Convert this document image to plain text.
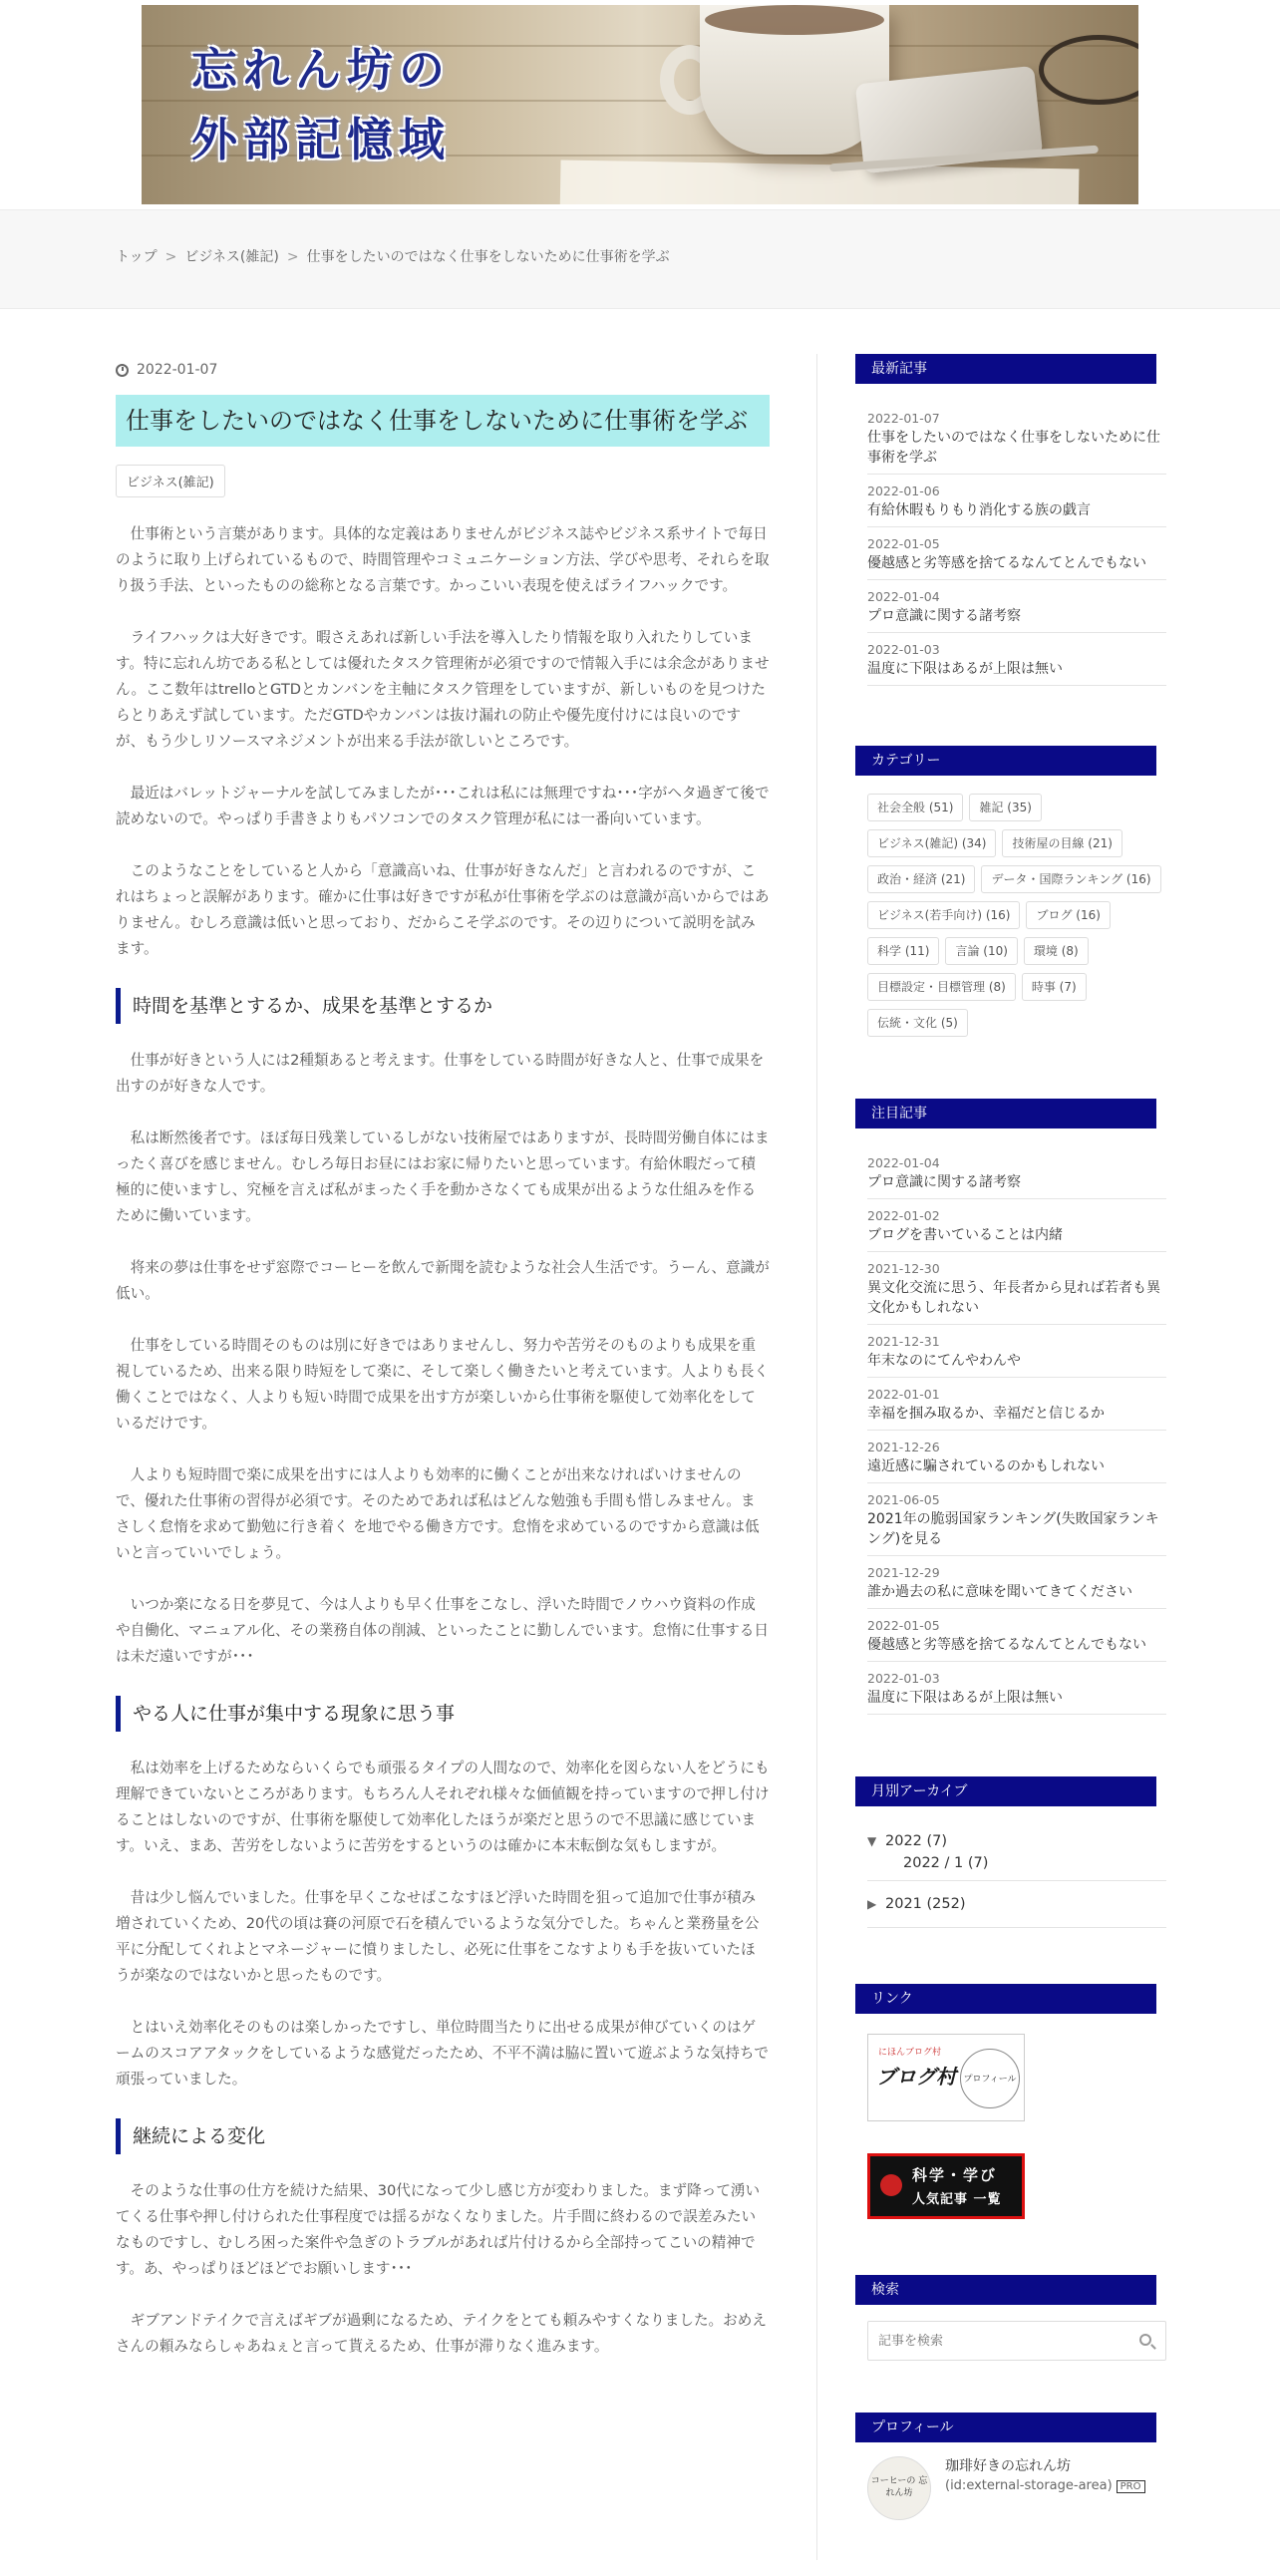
忘れん坊の
外部記憶域
トップ > ビジネス(雑記) > 仕事をしたいのではなく仕事をしないために仕事術を学ぶ
2022-01-07
仕事をしたいのではなく仕事をしないために仕事術を学ぶ
ビジネス(雑記)

仕事術という言葉があります。具体的な定義はありませんがビジネス誌やビジネス系サイトで毎日のように取り上げられているもので、時間管理やコミュニケーション方法、学びや思考、それらを取り扱う手法、といったものの総称となる言葉です。かっこいい表現を使えばライフハックです。

ライフハックは大好きです。暇さえあれば新しい手法を導入したり情報を取り入れたりしています。特に忘れん坊である私としては優れたタスク管理術が必須ですので情報入手には余念がありません。ここ数年はtrelloとGTDとカンバンを主軸にタスク管理をしていますが、新しいものを見つけたらとりあえず試しています。ただGTDやカンバンは抜け漏れの防止や優先度付けには良いのですが、もう少しリソースマネジメントが出来る手法が欲しいところです。

最近はバレットジャーナルを試してみましたが･･･これは私には無理ですね･･･字がヘタ過ぎて後で読めないので。やっぱり手書きよりもパソコンでのタスク管理が私には一番向いています。

このようなことをしていると人から「意識高いね、仕事が好きなんだ」と言われるのですが、これはちょっと誤解があります。確かに仕事は好きですが私が仕事術を学ぶのは意識が高いからではありません。むしろ意識は低いと思っており、だからこそ学ぶのです。その辺りについて説明を試みます。

時間を基準とするか、成果を基準とするか

仕事が好きという人には2種類あると考えます。仕事をしている時間が好きな人と、仕事で成果を出すのが好きな人です。

私は断然後者です。ほぼ毎日残業しているしがない技術屋ではありますが、長時間労働自体にはまったく喜びを感じません。むしろ毎日お昼にはお家に帰りたいと思っています。有給休暇だって積極的に使いますし、究極を言えば私がまったく手を動かさなくても成果が出るような仕組みを作るために働いています。

将来の夢は仕事をせず窓際でコーヒーを飲んで新聞を読むような社会人生活です。うーん、意識が低い。

仕事をしている時間そのものは別に好きではありませんし、努力や苦労そのものよりも成果を重視しているため、出来る限り時短をして楽に、そして楽しく働きたいと考えています。人よりも長く働くことではなく、人よりも短い時間で成果を出す方が楽しいから仕事術を駆使して効率化をしているだけです。

人よりも短時間で楽に成果を出すには人よりも効率的に働くことが出来なければいけませんので、優れた仕事術の習得が必須です。そのためであれば私はどんな勉強も手間も惜しみません。まさしく怠惰を求めて勤勉に行き着く を地でやる働き方です。怠惰を求めているのですから意識は低いと言っていいでしょう。

いつか楽になる日を夢見て、今は人よりも早く仕事をこなし、浮いた時間でノウハウ資料の作成や自働化、マニュアル化、その業務自体の削減、といったことに勤しんでいます。怠惰に仕事する日は未だ遠いですが･･･

やる人に仕事が集中する現象に思う事

私は効率を上げるためならいくらでも頑張るタイプの人間なので、効率化を図らない人をどうにも理解できていないところがあります。もちろん人それぞれ様々な価値観を持っていますので押し付けることはしないのですが、仕事術を駆使して効率化したほうが楽だと思うので不思議に感じています。いえ、まあ、苦労をしないように苦労をするというのは確かに本末転倒な気もしますが。

昔は少し悩んでいました。仕事を早くこなせばこなすほど浮いた時間を狙って追加で仕事が積み増されていくため、20代の頃は賽の河原で石を積んでいるような気分でした。ちゃんと業務量を公平に分配してくれよとマネージャーに憤りましたし、必死に仕事をこなすよりも手を抜いていたほうが楽なのではないかと思ったものです。

とはいえ効率化そのものは楽しかったですし、単位時間当たりに出せる成果が伸びていくのはゲームのスコアアタックをしているような感覚だったため、不平不満は脇に置いて遊ぶような気持ちで頑張っていました。

継続による変化

そのような仕事の仕方を続けた結果、30代になって少し感じ方が変わりました。まず降って湧いてくる仕事や押し付けられた仕事程度では揺るがなくなりました。片手間に終わるので誤差みたいなものですし、むしろ困った案件や急ぎのトラブルがあれば片付けるから全部持ってこいの精神です。あ、やっぱりほどほどでお願いします･･･

ギブアンドテイクで言えばギブが過剰になるため、テイクをとても頼みやすくなりました。おめえさんの頼みならしゃあねぇと言って貰えるため、仕事が滞りなく進みます。

最新記事
2022-01-07
仕事をしたいのではなく仕事をしないために仕事術を学ぶ
2022-01-06
有給休暇もりもり消化する族の戯言
2022-01-05
優越感と劣等感を捨てるなんてとんでもない
2022-01-04
プロ意識に関する諸考察
2022-01-03
温度に下限はあるが上限は無い
カテゴリー
社会全般 (51)	雑記 (35)
ビジネス(雑記) (34)	技術屋の目線 (21)
政治・経済 (21)	データ・国際ランキング (16)
ビジネス(若手向け) (16)	ブログ (16)
科学 (11)	言論 (10)	環境 (8)
目標設定・目標管理 (8)	時事 (7)
伝統・文化 (5)
注目記事
2022-01-04
プロ意識に関する諸考察
2022-01-02
ブログを書いていることは内緒
2021-12-30
異文化交流に思う、年長者から見れば若者も異文化かもしれない
2021-12-31
年末なのにてんやわんや
2022-01-01
幸福を掴み取るか、幸福だと信じるか
2021-12-26
遠近感に騙されているのかもしれない
2021-06-05
2021年の脆弱国家ランキング(失敗国家ランキング)を見る
2021-12-29
誰か過去の私に意味を聞いてきてください
2022-01-05
優越感と劣等感を捨てるなんてとんでもない
2022-01-03
温度に下限はあるが上限は無い
月別アーカイブ
▼ 2022 (7)
2022 / 1 (7)
▶ 2021 (252)
リンク
にほんブログ村
ブログ村 プロフィール
科学・学び
人気記事 一覧
検索
記事を検索
プロフィール
コーヒーの 忘れん坊
珈琲好きの忘れん坊
(id:external-storage-area) PRO
